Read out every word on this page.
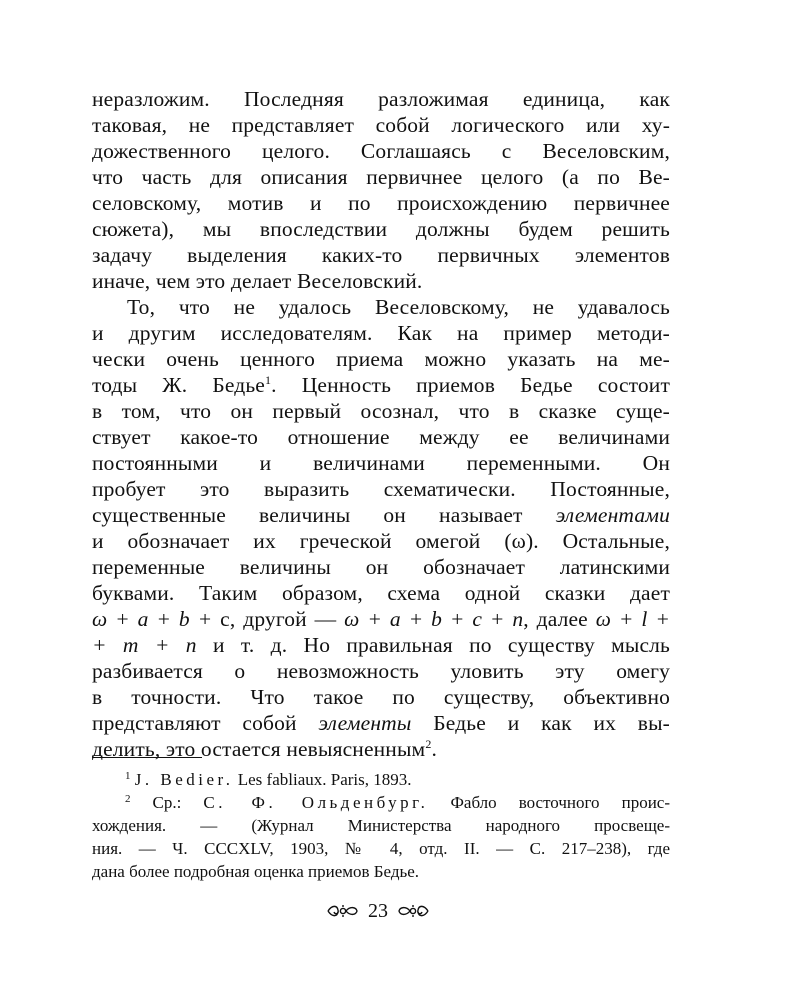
неразложим. Последняя разложимая единица, как
таковая, не представляет собой логического или ху-
дожественного целого. Соглашаясь с Веселовским,
что часть для описания первичнее целого (а по Ве-
селовскому, мотив и по происхождению первичнее
сюжета), мы впоследствии должны будем решить
задачу выделения каких-то первичных элементов
иначе, чем это делает Веселовский.
То, что не удалось Веселовскому, не удавалось
и другим исследователям. Как на пример методи-
чески очень ценного приема можно указать на ме-
тоды Ж. Бедье$^1$. Ценность приемов Бедье состоит
в том, что он первый осознал, что в сказке суще-
ствует какое-то отношение между ее величинами
постоянными и величинами переменными. Он
пробует это выразить схематически. Постоянные,
существенные величины он называет элементами
и обозначает их греческой омегой (ω). Остальные,
переменные величины он обозначает латинскими
буквами. Таким образом, схема одной сказки дает
ω + a + b + с, другой — ω + a + b + c + n, далее ω + l +
+ m + n и т. д. Но правильная по существу мысль
разбивается о невозможность уловить эту омегу
в точности. Что такое по существу, объективно
представляют собой элементы Бедье и как их вы-
делить, это остается невыясненным$^2$.
$^1$ J. Bedier. Les fabliaux. Paris, 1893.
$^2$ Ср.: С. Ф. Ольденбург. Фабло восточного проис-
хождения. — (Журнал Министерства народного просвеще-
ния. — Ч. CCCXLV, 1903, № 4, отд. II. — С. 217–238), где
дана более подробная оценка приемов Бедье.
23
